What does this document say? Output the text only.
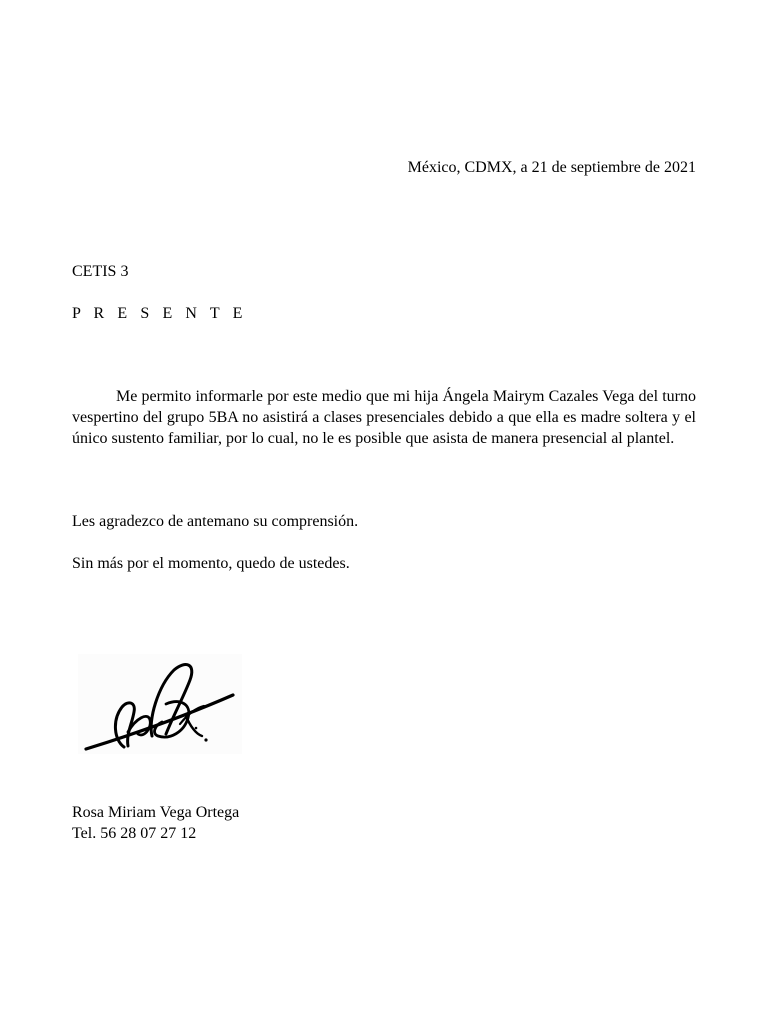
México, CDMX, a 21 de septiembre de 2021
CETIS 3
P R E S E N T E
Me permito informarle por este medio que mi hija Ángela Mairym Cazales Vega del turno vespertino del grupo 5BA no asistirá a clases presenciales debido a que ella es madre soltera y el único sustento familiar, por lo cual, no le es posible que asista de manera presencial al plantel.
Les agradezco de antemano su comprensión.
Sin más por el momento, quedo de ustedes.
Rosa Miriam Vega Ortega
Tel. 56 28 07 27 12
